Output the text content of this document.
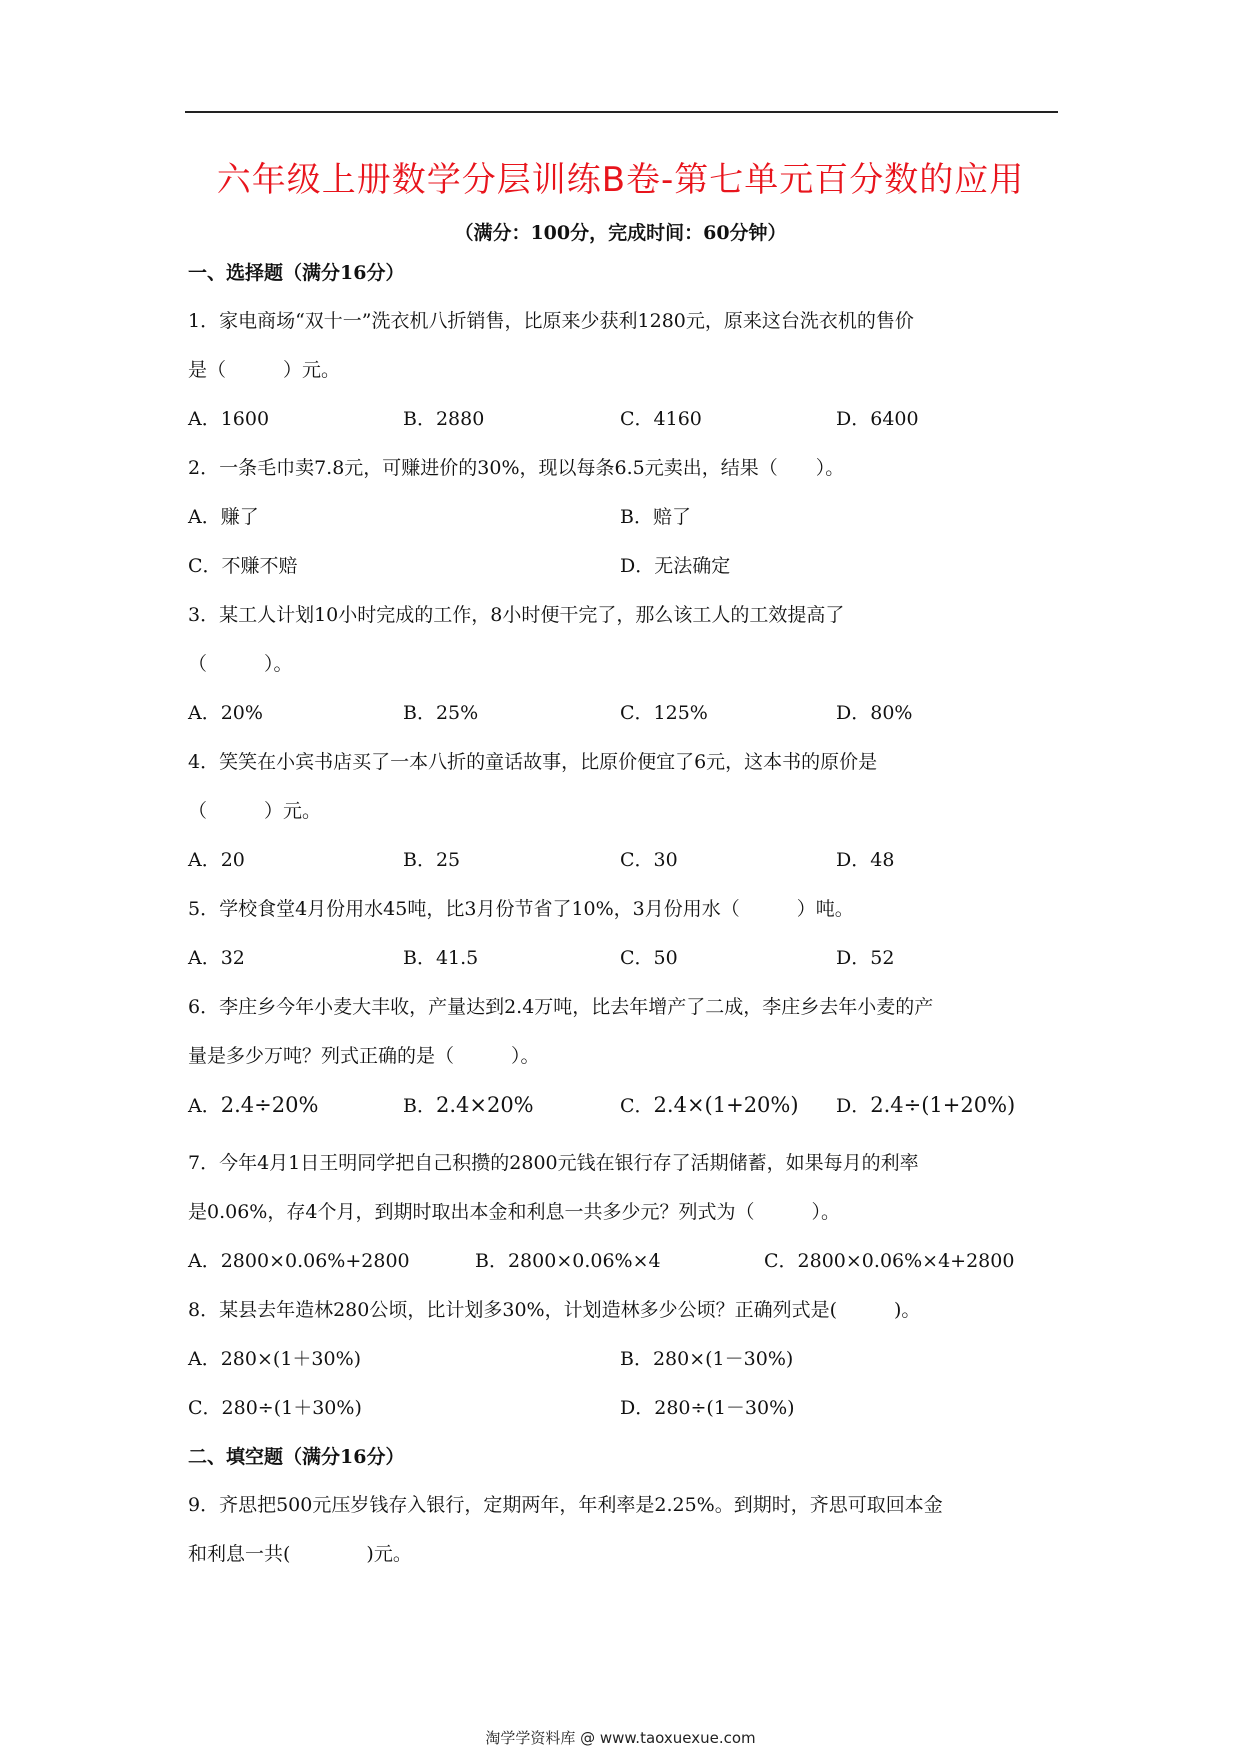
六年级上册数学分层训练B卷-第七单元百分数的应用
（满分：100分，完成时间：60分钟）
一、选择题（满分16分）
1．家电商场“双十一”洗衣机八折销售，比原来少获利1280元，原来这台洗衣机的售价
是（　　　）元。
A．1600	B．2880	C．4160	D．6400
2．一条毛巾卖7.8元，可赚进价的30%，现以每条6.5元卖出，结果（　　）。
A．赚了	B．赔了
C．不赚不赔	D．无法确定
3．某工人计划10小时完成的工作，8小时便干完了，那么该工人的工效提高了
（　　　）。
A．20%	B．25%	C．125%	D．80%
4．笑笑在小宾书店买了一本八折的童话故事，比原价便宜了6元，这本书的原价是
（　　　）元。
A．20	B．25	C．30	D．48
5．学校食堂4月份用水45吨，比3月份节省了10%，3月份用水（　　　）吨。
A．32	B．41.5	C．50	D．52
6．李庄乡今年小麦大丰收，产量达到2.4万吨，比去年增产了二成，李庄乡去年小麦的产
量是多少万吨？列式正确的是（　　　）。
A．2.4÷20%	B．2.4×20%	C．2.4×(1+20%) D．2.4÷(1+20%)
7．今年4月1日王明同学把自己积攒的2800元钱在银行存了活期储蓄，如果每月的利率
是0.06%，存4个月，到期时取出本金和利息一共多少元？列式为（　　　）。
A．2800×0.06%+2800	B．2800×0.06%×4	C．2800×0.06%×4+2800
8．某县去年造林280公顷，比计划多30%，计划造林多少公顷？正确列式是(　　　)。
A．280×(1＋30%)	B．280×(1－30%)
C．280÷(1＋30%)	D．280÷(1－30%)
二、填空题（满分16分）
9．齐思把500元压岁钱存入银行，定期两年，年利率是2.25%。到期时，齐思可取回本金
和利息一共(　　　　)元。
淘学学资料库 @ www.taoxuexue.com
